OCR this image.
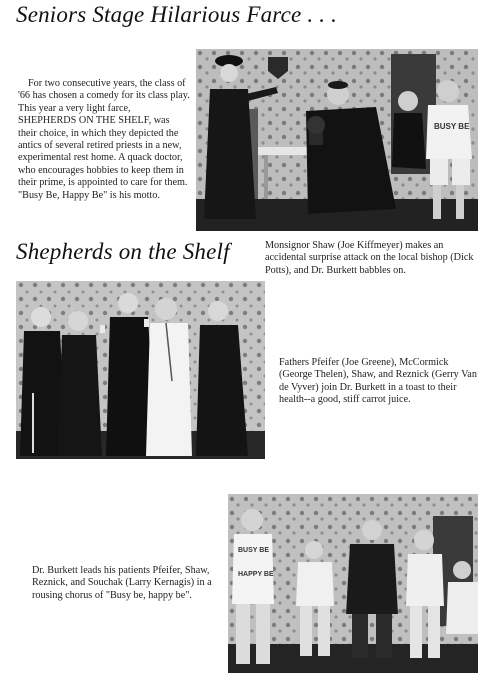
Seniors Stage Hilarious Farce . . .

For two consecutive years, the class of '66 has chosen a comedy for its class play. This year a very light farce, SHEPHERDS ON THE SHELF, was their choice, in which they depicted the antics of several retired priests in a new, experimental rest home. A quack doctor, who encourages hobbies to keep them in their prime, is appointed to care for them. "Busy Be, Happy Be" is his motto.

BUSY BE
Shepherds on the Shelf	Monsignor Shaw (Joe Kiffmeyer) makes an accidental surprise attack on the local bishop (Dick Potts), and Dr. Burkett babbles on.

Fathers Pfeifer (Joe Greene), McCormick (George Thelen), Shaw, and Reznick (Gerry Van de Vyver) join Dr. Burkett in a toast to their health--a good, stiff carrot juice.

Dr. Burkett leads his patients Pfeifer, Shaw, Reznick, and Souchak (Larry Kernagis) in a rousing chorus of "Busy be, happy be".

BUSY BE
HAPPY BE
